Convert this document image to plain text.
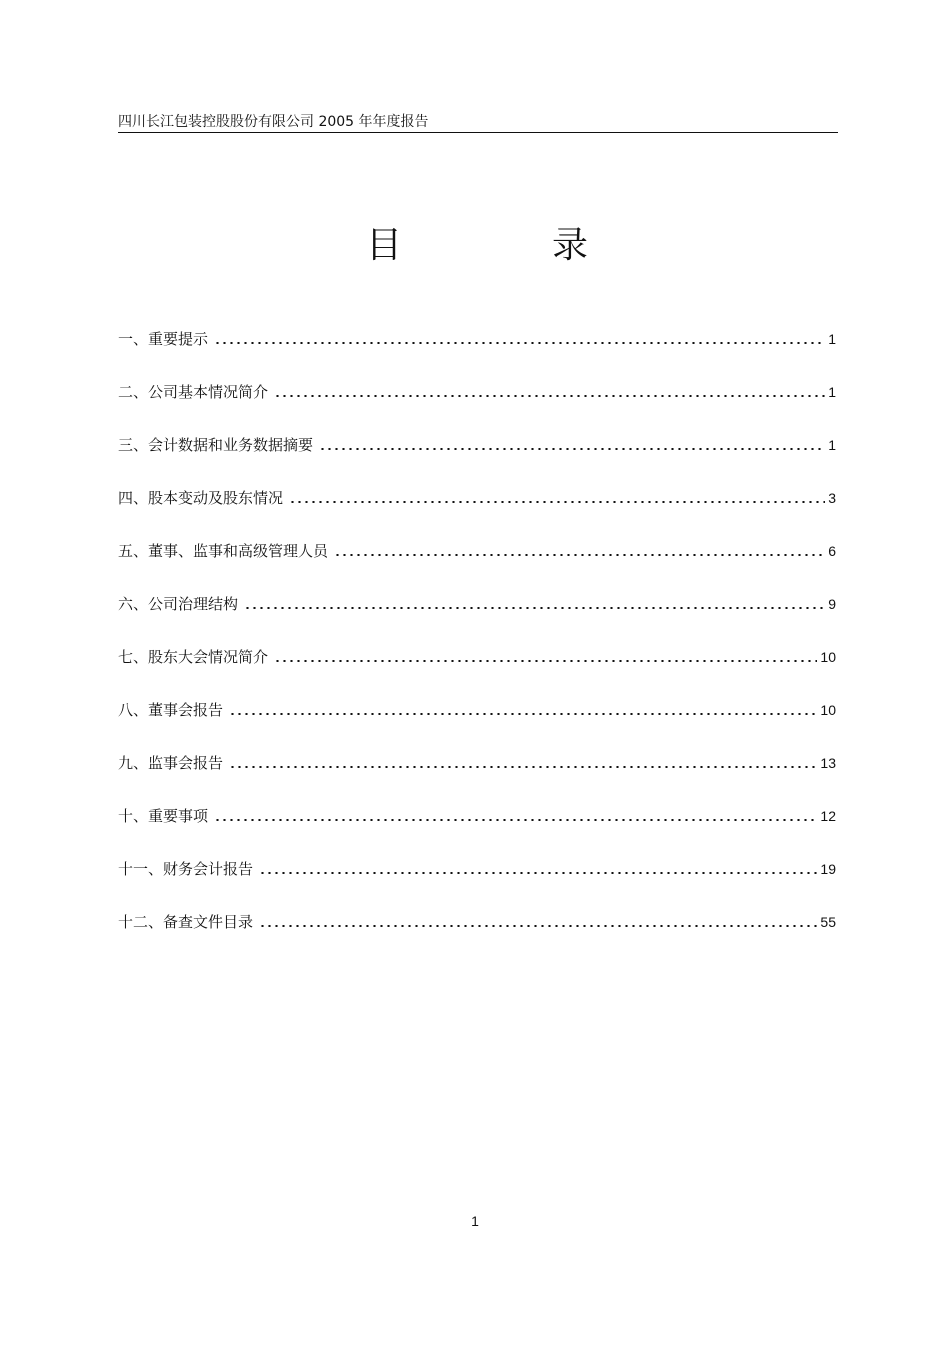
四川长江包装控股股份有限公司 2005 年年度报告
目	录
一、重要提示	1
二、公司基本情况简介	1
三、会计数据和业务数据摘要	1
四、股本变动及股东情况	3
五、董事、监事和高级管理人员	6
六、公司治理结构	9
七、股东大会情况简介	10
八、董事会报告	10
九、监事会报告	13
十、重要事项	12
十一、财务会计报告	19
十二、备查文件目录	55
1
